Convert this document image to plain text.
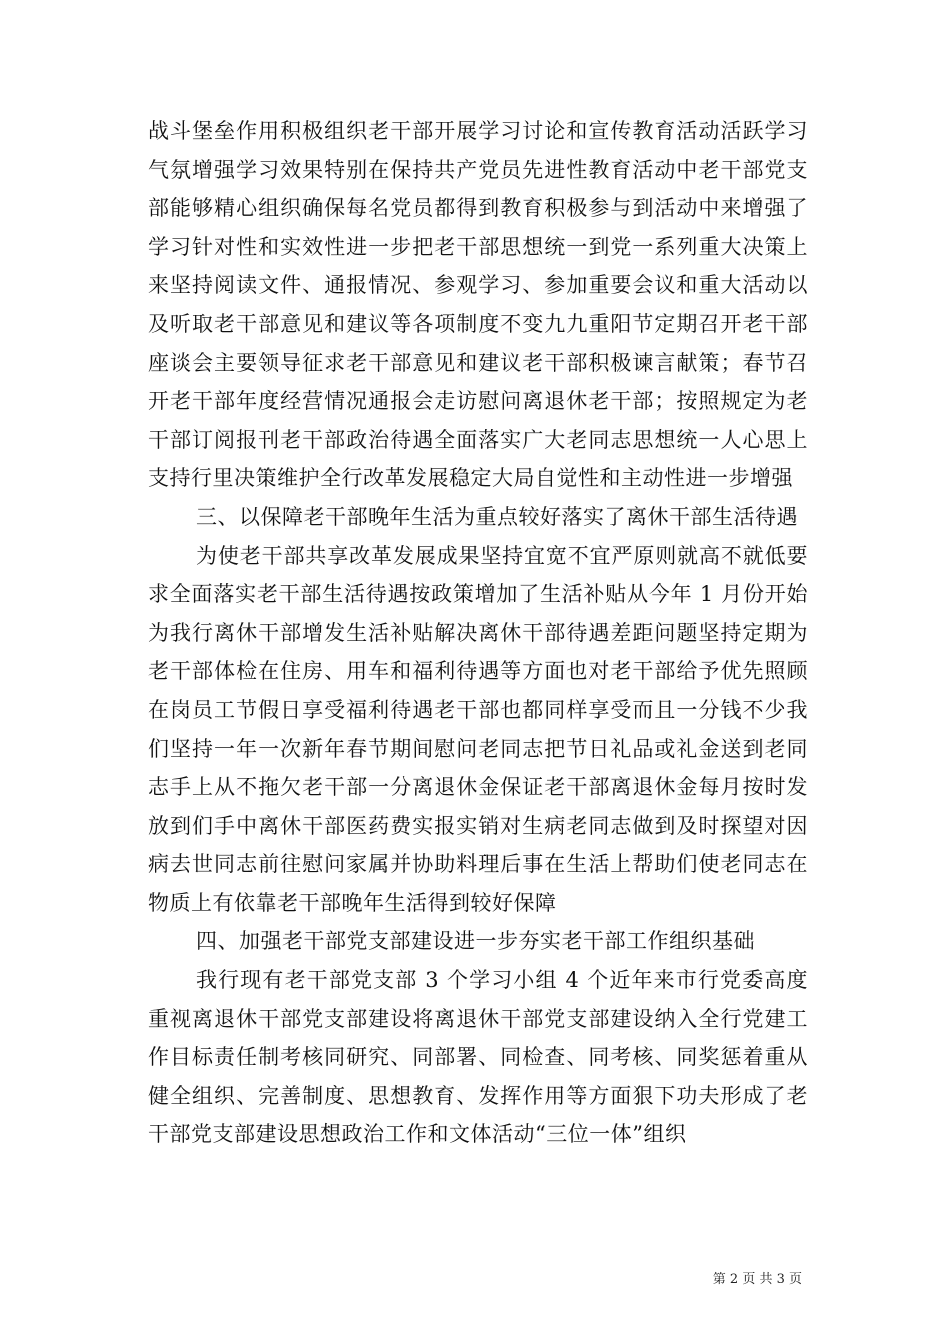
战斗堡垒作用积极组织老干部开展学习讨论和宣传教育活动活跃学习气氛增强学习效果特别在保持共产党员先进性教育活动中老干部党支部能够精心组织确保每名党员都得到教育积极参与到活动中来增强了学习针对性和实效性进一步把老干部思想统一到党一系列重大决策上来坚持阅读文件、通报情况、参观学习、参加重要会议和重大活动以及听取老干部意见和建议等各项制度不变九九重阳节定期召开老干部座谈会主要领导征求老干部意见和建议老干部积极谏言献策；春节召开老干部年度经营情况通报会走访慰问离退休老干部；按照规定为老干部订阅报刊老干部政治待遇全面落实广大老同志思想统一人心思上支持行里决策维护全行改革发展稳定大局自觉性和主动性进一步增强

三、以保障老干部晚年生活为重点较好落实了离休干部生活待遇

为使老干部共享改革发展成果坚持宜宽不宜严原则就高不就低要求全面落实老干部生活待遇按政策增加了生活补贴从今年 1 月份开始为我行离休干部增发生活补贴解决离休干部待遇差距问题坚持定期为老干部体检在住房、用车和福利待遇等方面也对老干部给予优先照顾在岗员工节假日享受福利待遇老干部也都同样享受而且一分钱不少我们坚持一年一次新年春节期间慰问老同志把节日礼品或礼金送到老同志手上从不拖欠老干部一分离退休金保证老干部离退休金每月按时发放到们手中离休干部医药费实报实销对生病老同志做到及时探望对因病去世同志前往慰问家属并协助料理后事在生活上帮助们使老同志在物质上有依靠老干部晚年生活得到较好保障

四、加强老干部党支部建设进一步夯实老干部工作组织基础

我行现有老干部党支部 3 个学习小组 4 个近年来市行党委高度重视离退休干部党支部建设将离退休干部党支部建设纳入全行党建工作目标责任制考核同研究、同部署、同检查、同考核、同奖惩着重从健全组织、完善制度、思想教育、发挥作用等方面狠下功夫形成了老干部党支部建设思想政治工作和文体活动“三位一体”组织

第 2 页 共 3 页
